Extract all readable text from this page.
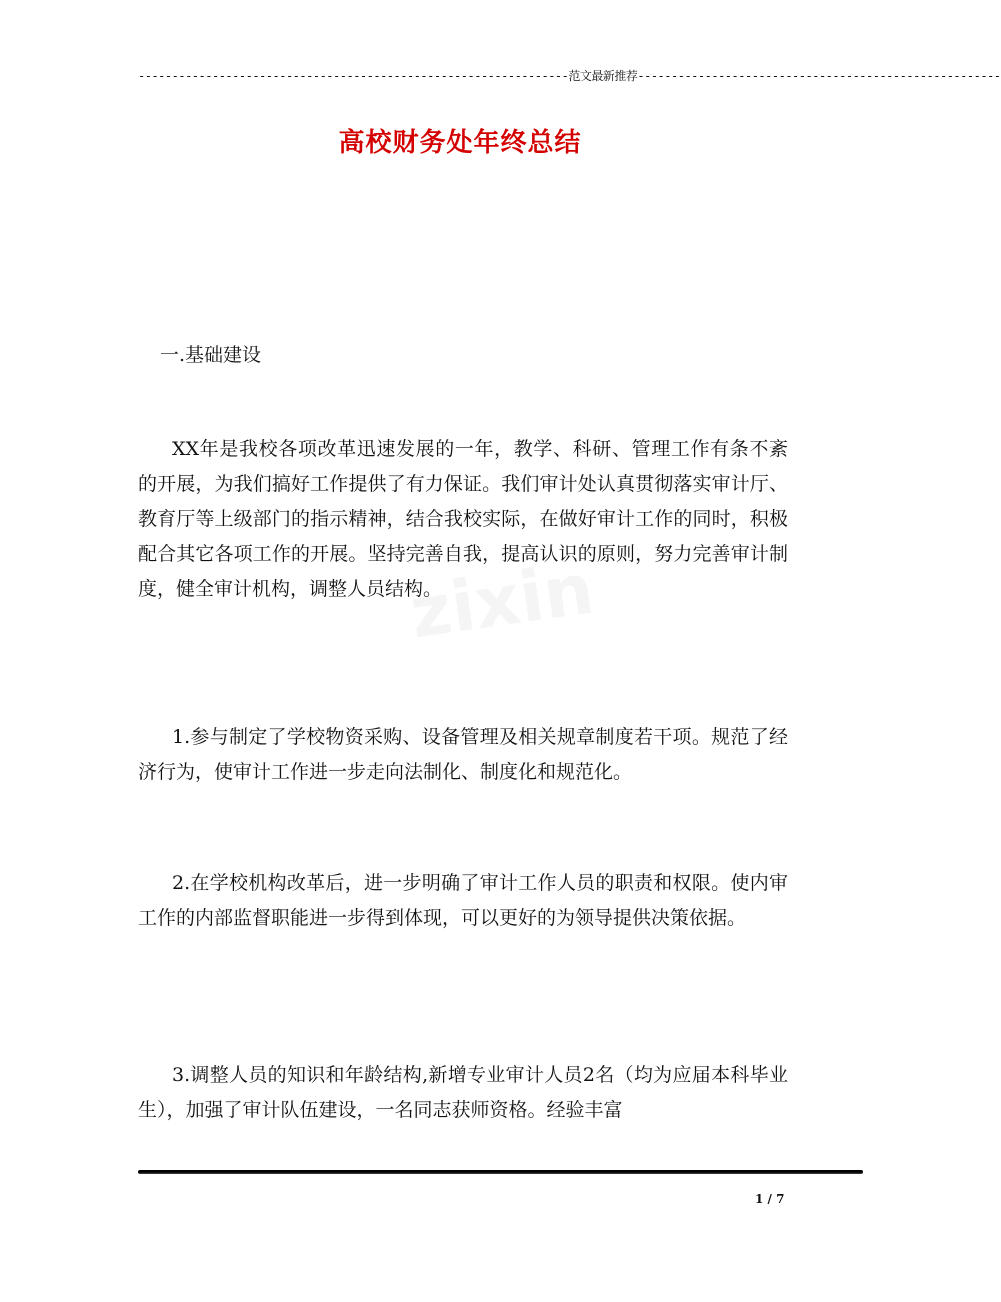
----------------------------------------------------------------范文最新推荐------------------------------------------------------
高校财务处年终总结
一.基础建设

XX年是我校各项改革迅速发展的一年，教学、科研、管理工作有条不紊的开展，为我们搞好工作提供了有力保证。我们审计处认真贯彻落实审计厅、教育厅等上级部门的指示精神，结合我校实际，在做好审计工作的同时，积极配合其它各项工作的开展。坚持完善自我，提高认识的原则，努力完善审计制度，健全审计机构，调整人员结构。

1.参与制定了学校物资采购、设备管理及相关规章制度若干项。规范了经济行为，使审计工作进一步走向法制化、制度化和规范化。

2.在学校机构改革后，进一步明确了审计工作人员的职责和权限。使内审工作的内部监督职能进一步得到体现，可以更好的为领导提供决策依据。

3.调整人员的知识和年龄结构,新增专业审计人员2名（均为应届本科毕业生），加强了审计队伍建设，一名同志获师资格。经验丰富

1 / 7
